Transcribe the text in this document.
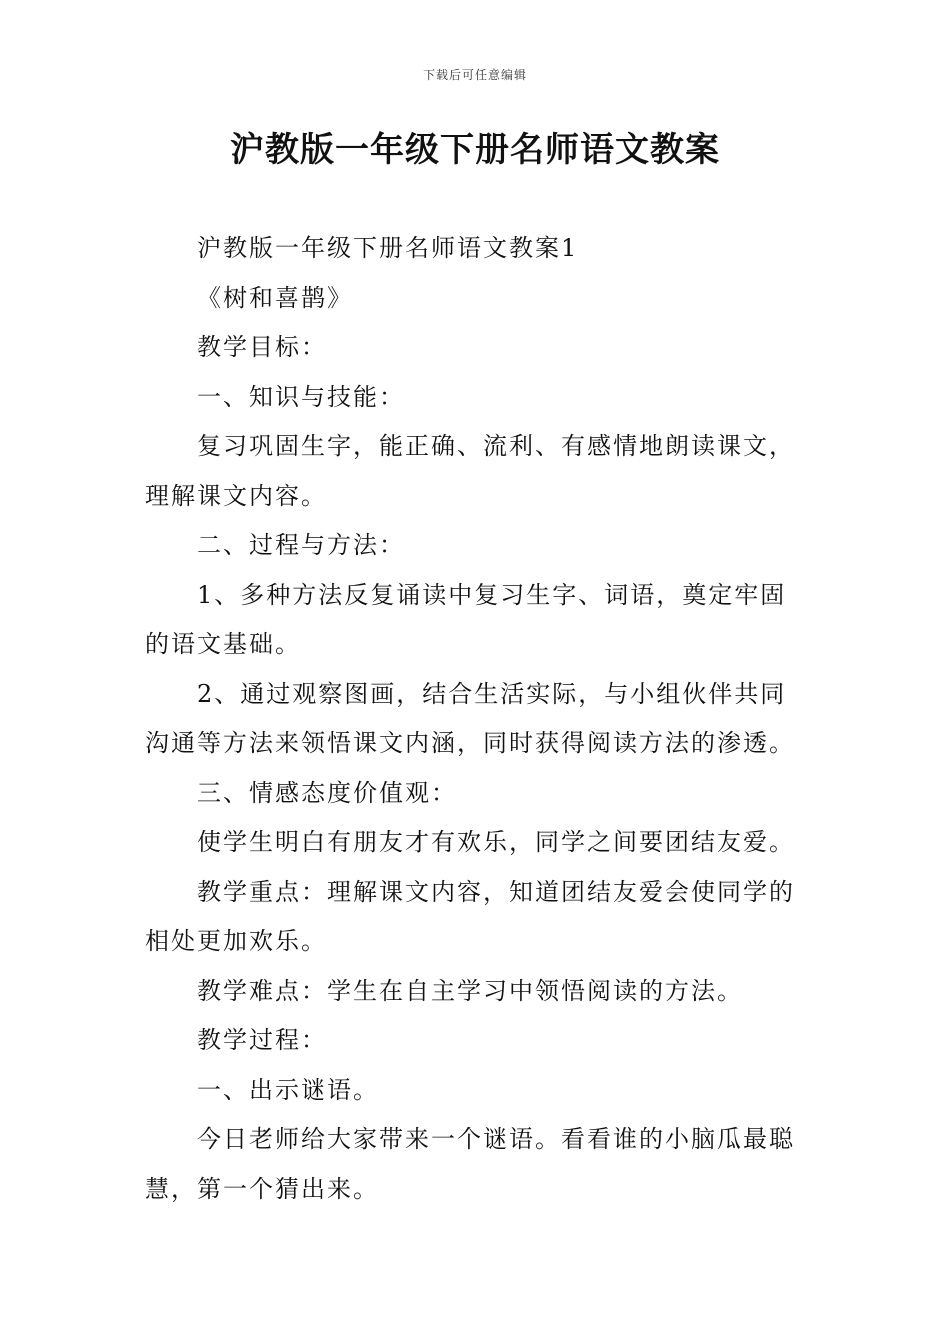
下载后可任意编辑
沪教版一年级下册名师语文教案

沪教版一年级下册名师语文教案1

《树和喜鹊》

教学目标：

一、知识与技能：

复习巩固生字，能正确、流利、有感情地朗读课文，理解课文内容。

二、过程与方法：

1、多种方法反复诵读中复习生字、词语，奠定牢固的语文基础。

2、通过观察图画，结合生活实际，与小组伙伴共同沟通等方法来领悟课文内涵，同时获得阅读方法的渗透。

三、情感态度价值观：

使学生明白有朋友才有欢乐，同学之间要团结友爱。

教学重点：理解课文内容，知道团结友爱会使同学的相处更加欢乐。

教学难点：学生在自主学习中领悟阅读的方法。

教学过程：

一、出示谜语。

今日老师给大家带来一个谜语。看看谁的小脑瓜最聪慧，第一个猜出来。
